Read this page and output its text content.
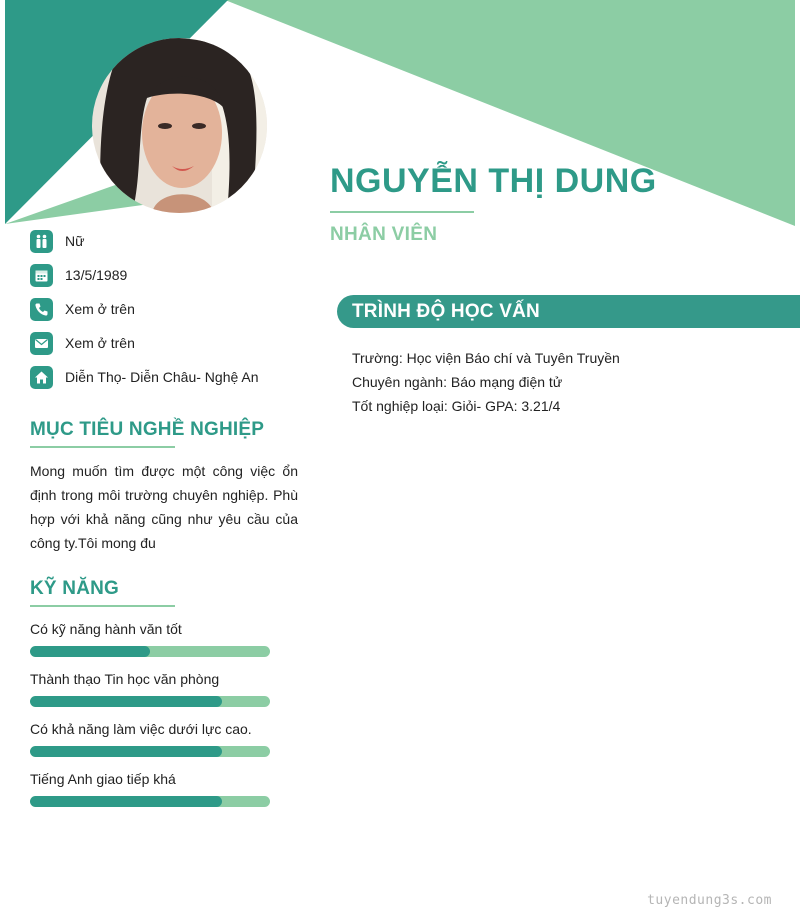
NGUYỄN THỊ DUNG
NHÂN VIÊN
Nữ
13/5/1989
Xem ở trên
Xem ở trên
Diễn Thọ- Diễn Châu- Nghệ An
MỤC TIÊU NGHỀ NGHIỆP
Mong muốn tìm được một công việc ổn định trong môi trường chuyên nghiệp. Phù hợp với khả năng cũng như yêu cầu của công ty.Tôi mong đu
KỸ NĂNG
Có kỹ năng hành văn tốt
Thành thạo Tin học văn phòng
Có khả năng làm việc dưới lực cao.
Tiếng Anh giao tiếp khá
TRÌNH ĐỘ HỌC VẤN
Trường: Học viện Báo chí và Tuyên Truyền
Chuyên ngành: Báo mạng điện tử
Tốt nghiệp loại: Giỏi- GPA: 3.21/4
tuyendung3s.com
